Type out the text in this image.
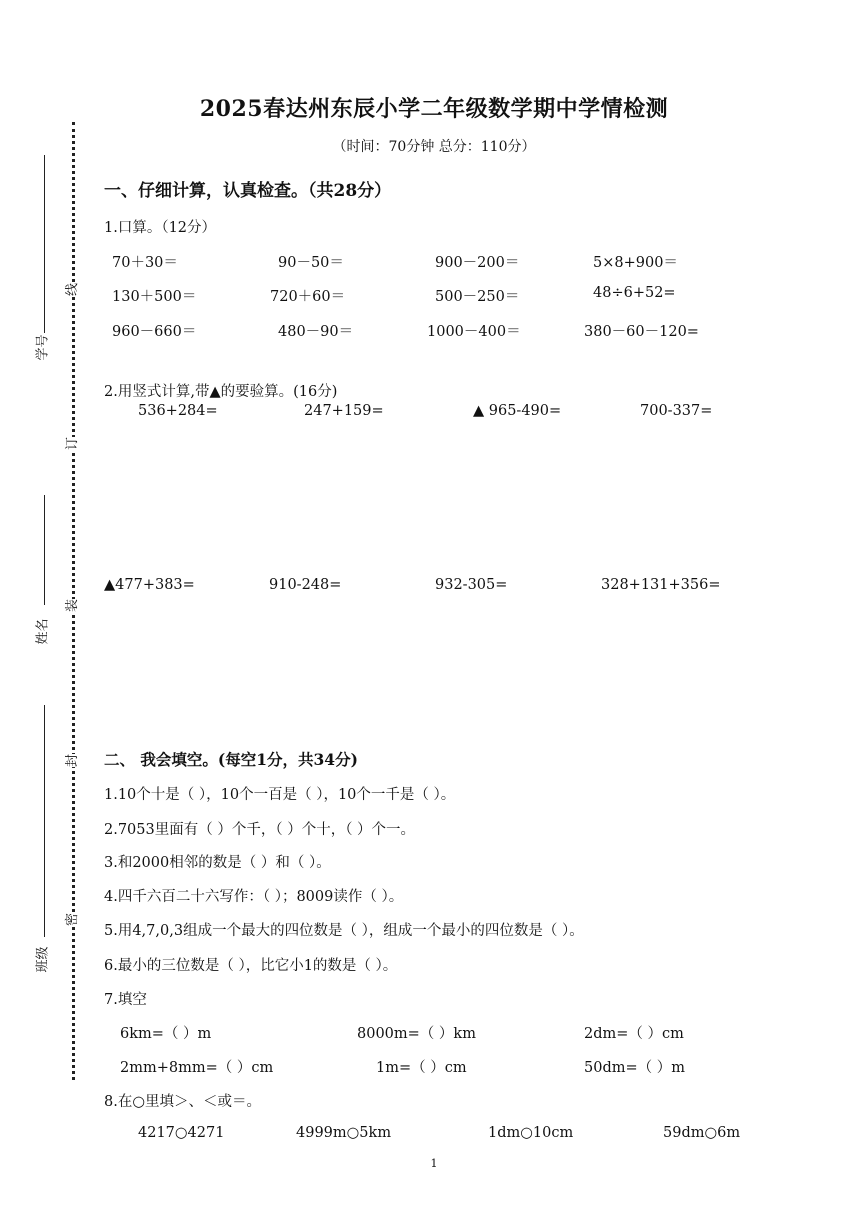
学号
姓名
班级
线
订
装
封
密
2025春达州东辰小学二年级数学期中学情检测
（时间：70分钟 总分：110分）
一、仔细计算，认真检查。（共28分）
1.口算。（12分）
70＋30＝	90－50＝	900－200＝	5×8+900＝
130＋500＝	720＋60＝	500－250＝	48÷6+52=
960－660＝	480－90＝	1000－400＝	380－60－120=
2.用竖式计算,带▲的要验算。(16分)
536+284=	247+159=	▲ 965-490=	700-337=
▲477+383=	910-248=	932-305=	328+131+356=
二、 我会填空。(每空1分，共34分)
1.10个十是（ ），10个一百是（ ），10个一千是（ ）。
2.7053里面有（ ）个千，（ ）个十，（ ）个一。
3.和2000相邻的数是（ ）和（ ）。
4.四千六百二十六写作：（ ）；8009读作（ ）。
5.用4,7,0,3组成一个最大的四位数是（ ），组成一个最小的四位数是（ ）。
6.最小的三位数是（ ），比它小1的数是（ ）。
7.填空
6km=（ ）m	8000m=（ ）km	2dm=（ ）cm
2mm+8mm=（ ）cm	1m=（ ）cm	50dm=（ ）m
8.在○里填＞、＜或＝。
4217○4271	4999m○5km	1dm○10cm	59dm○6m
1
